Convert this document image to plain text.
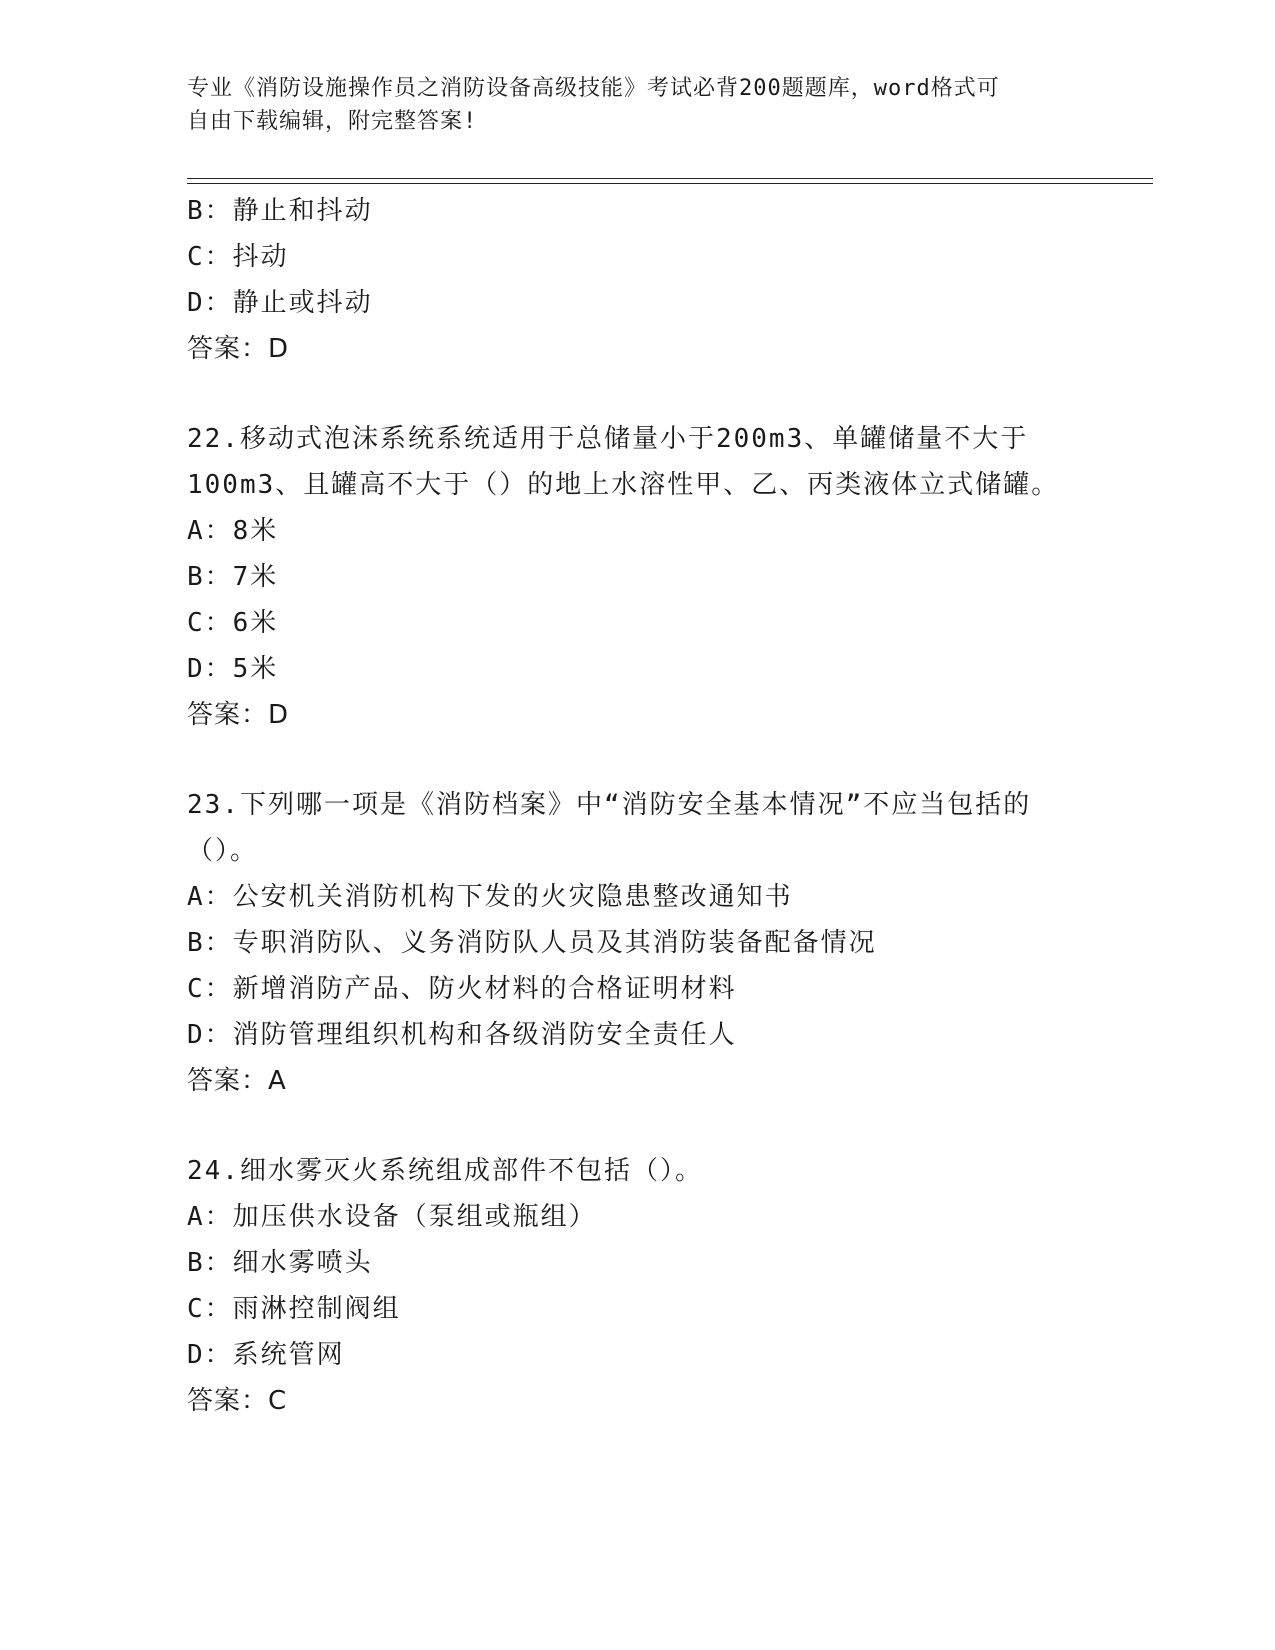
专业《消防设施操作员之消防设备高级技能》考试必背200题题库，word格式可
自由下载编辑，附完整答案!
B：静止和抖动
C：抖动
D：静止或抖动
答案：D
22.移动式泡沫系统系统适用于总储量小于200m3、单罐储量不大于
100m3、且罐高不大于（）的地上水溶性甲、乙、丙类液体立式储罐。
A：8米
B：7米
C：6米
D：5米
答案：D
23.下列哪一项是《消防档案》中“消防安全基本情况”不应当包括的
（）。
A：公安机关消防机构下发的火灾隐患整改通知书
B：专职消防队、义务消防队人员及其消防装备配备情况
C：新增消防产品、防火材料的合格证明材料
D：消防管理组织机构和各级消防安全责任人
答案：A
24.细水雾灭火系统组成部件不包括（）。
A：加压供水设备（泵组或瓶组）
B：细水雾喷头
C：雨淋控制阀组
D：系统管网
答案：C
